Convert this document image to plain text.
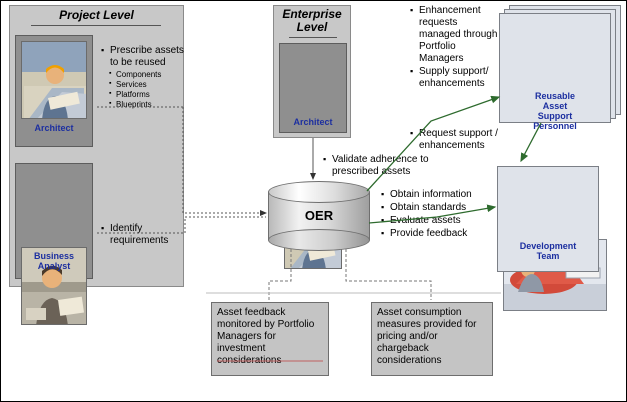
Project Level
Architect
Business
Analyst
▪ Prescribe assets to be reused
▪ Components
▪ Services
▪ Platforms
▪ Blueprints
▪ Identify requirements
Enterprise
Level
Architect
OER
▪ Validate adherence to prescribed assets
▪ Obtain information
▪ Obtain standards
▪ Evaluate assets
▪ Provide feedback
Reusable
Asset
Support
Personnel
▪ Enhancement requests managed through Portfolio Managers
▪ Supply support/ enhancements
▪ Request support / enhancements
Development
Team
Asset feedback monitored by Portfolio Managers for investment considerations
Asset consumption measures provided for pricing and/or chargeback considerations
